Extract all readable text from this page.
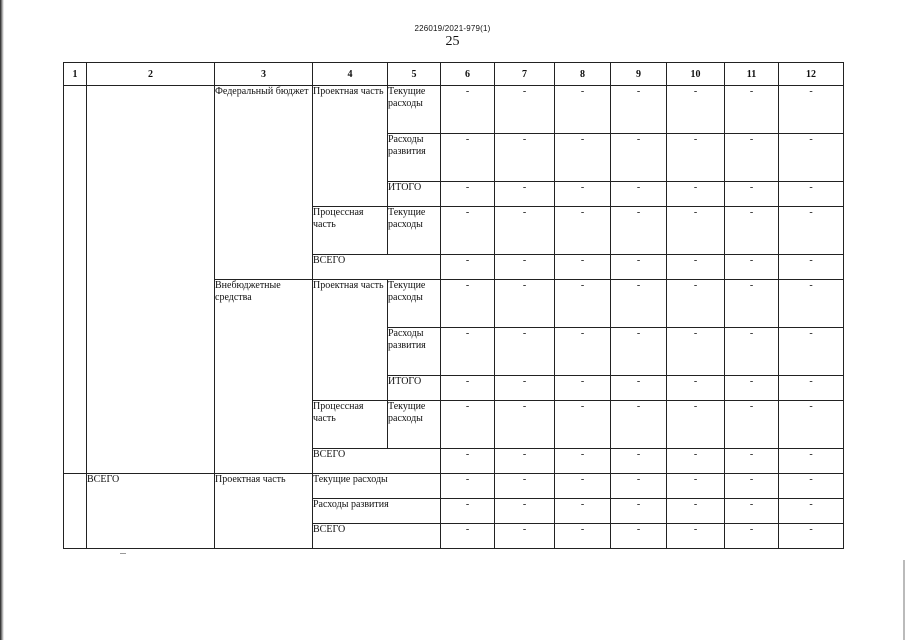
226019/2021-979(1)
25
1	2	3	4	5	6	7	8	9	10	11	12
		Федеральный бюджет	Проектная часть	Текущие расходы	-	-	-	-	-	-	-
				Расходы развития	-	-	-	-	-	-	-
				ИТОГО	-	-	-	-	-	-	-
			Процессная часть	Текущие расходы	-	-	-	-	-	-	-
			ВСЕГО		-	-	-	-	-	-	-
		Внебюджетные средства	Проектная часть	Текущие расходы	-	-	-	-	-	-	-
				Расходы развития	-	-	-	-	-	-	-
				ИТОГО	-	-	-	-	-	-	-
			Процессная часть	Текущие расходы	-	-	-	-	-	-	-
			ВСЕГО		-	-	-	-	-	-	-
	ВСЕГО	Проектная часть	Текущие расходы		-	-	-	-	-	-	-
			Расходы развития		-	-	-	-	-	-	-
			ВСЕГО		-	-	-	-	-	-	-
